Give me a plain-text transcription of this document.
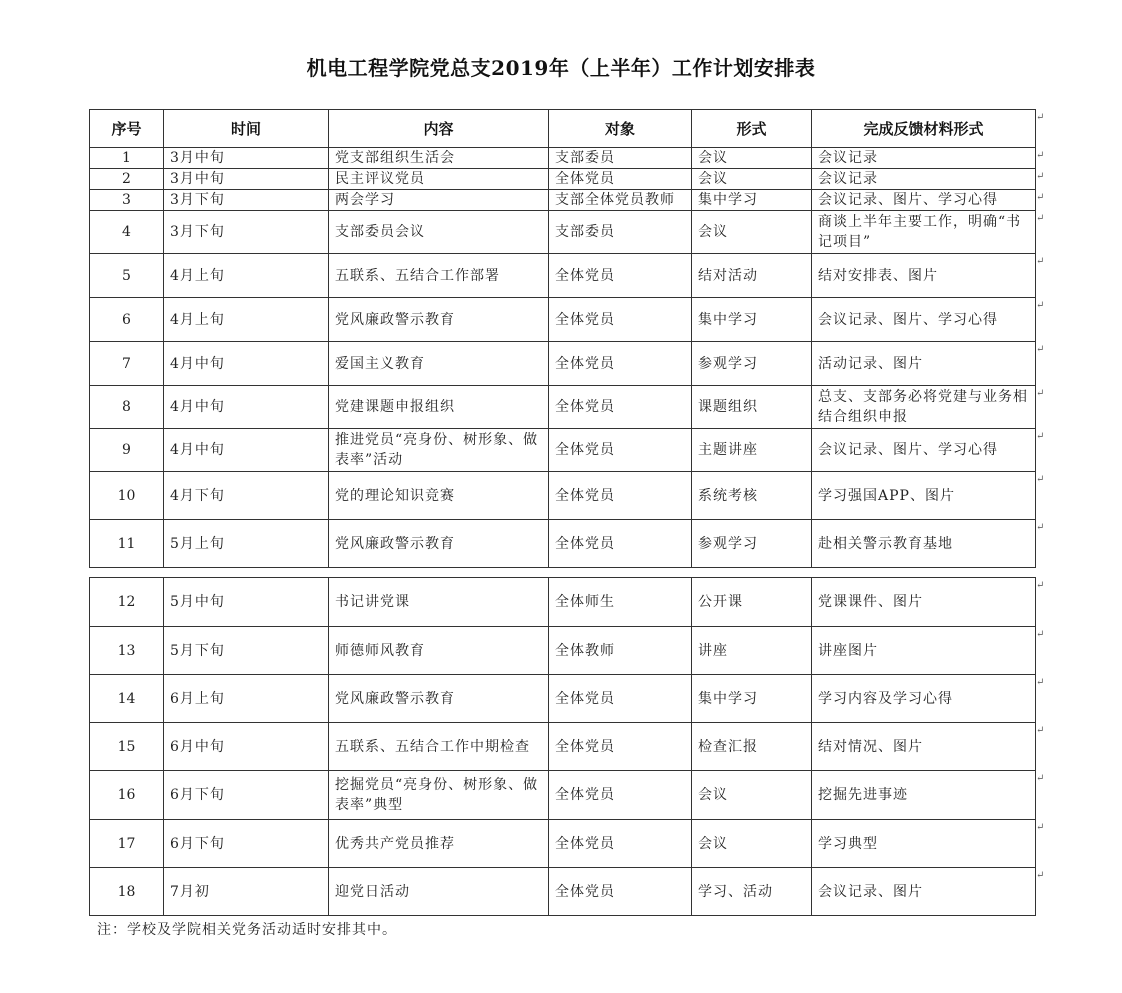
机电工程学院党总支2019年（上半年）工作计划安排表
序号	时间	内容	对象	形式	完成反馈材料形式
1	3月中旬	党支部组织生活会	支部委员	会议	会议记录
2	3月中旬	民主评议党员	全体党员	会议	会议记录
3	3月下旬	两会学习	支部全体党员教师	集中学习	会议记录、图片、学习心得
4	3月下旬	支部委员会议	支部委员	会议	商谈上半年主要工作，明确“书记项目”
5	4月上旬	五联系、五结合工作部署	全体党员	结对活动	结对安排表、图片
6	4月上旬	党风廉政警示教育	全体党员	集中学习	会议记录、图片、学习心得
7	4月中旬	爱国主义教育	全体党员	参观学习	活动记录、图片
8	4月中旬	党建课题申报组织	全体党员	课题组织	总支、支部务必将党建与业务相结合组织申报
9	4月中旬	推进党员“亮身份、树形象、做表率”活动	全体党员	主题讲座	会议记录、图片、学习心得
10	4月下旬	党的理论知识竞赛	全体党员	系统考核	学习强国APP、图片
11	5月上旬	党风廉政警示教育	全体党员	参观学习	赴相关警示教育基地
12	5月中旬	书记讲党课	全体师生	公开课	党课课件、图片
13	5月下旬	师德师风教育	全体教师	讲座	讲座图片
14	6月上旬	党风廉政警示教育	全体党员	集中学习	学习内容及学习心得
15	6月中旬	五联系、五结合工作中期检查	全体党员	检查汇报	结对情况、图片
16	6月下旬	挖掘党员“亮身份、树形象、做表率”典型	全体党员	会议	挖掘先进事迹
17	6月下旬	优秀共产党员推荐	全体党员	会议	学习典型
18	7月初	迎党日活动	全体党员	学习、活动	会议记录、图片
↵
↵
↵
↵
↵
↵
↵
↵
↵
↵
↵
↵
↵
↵
↵
↵
↵
↵
↵
注：学校及学院相关党务活动适时安排其中。
